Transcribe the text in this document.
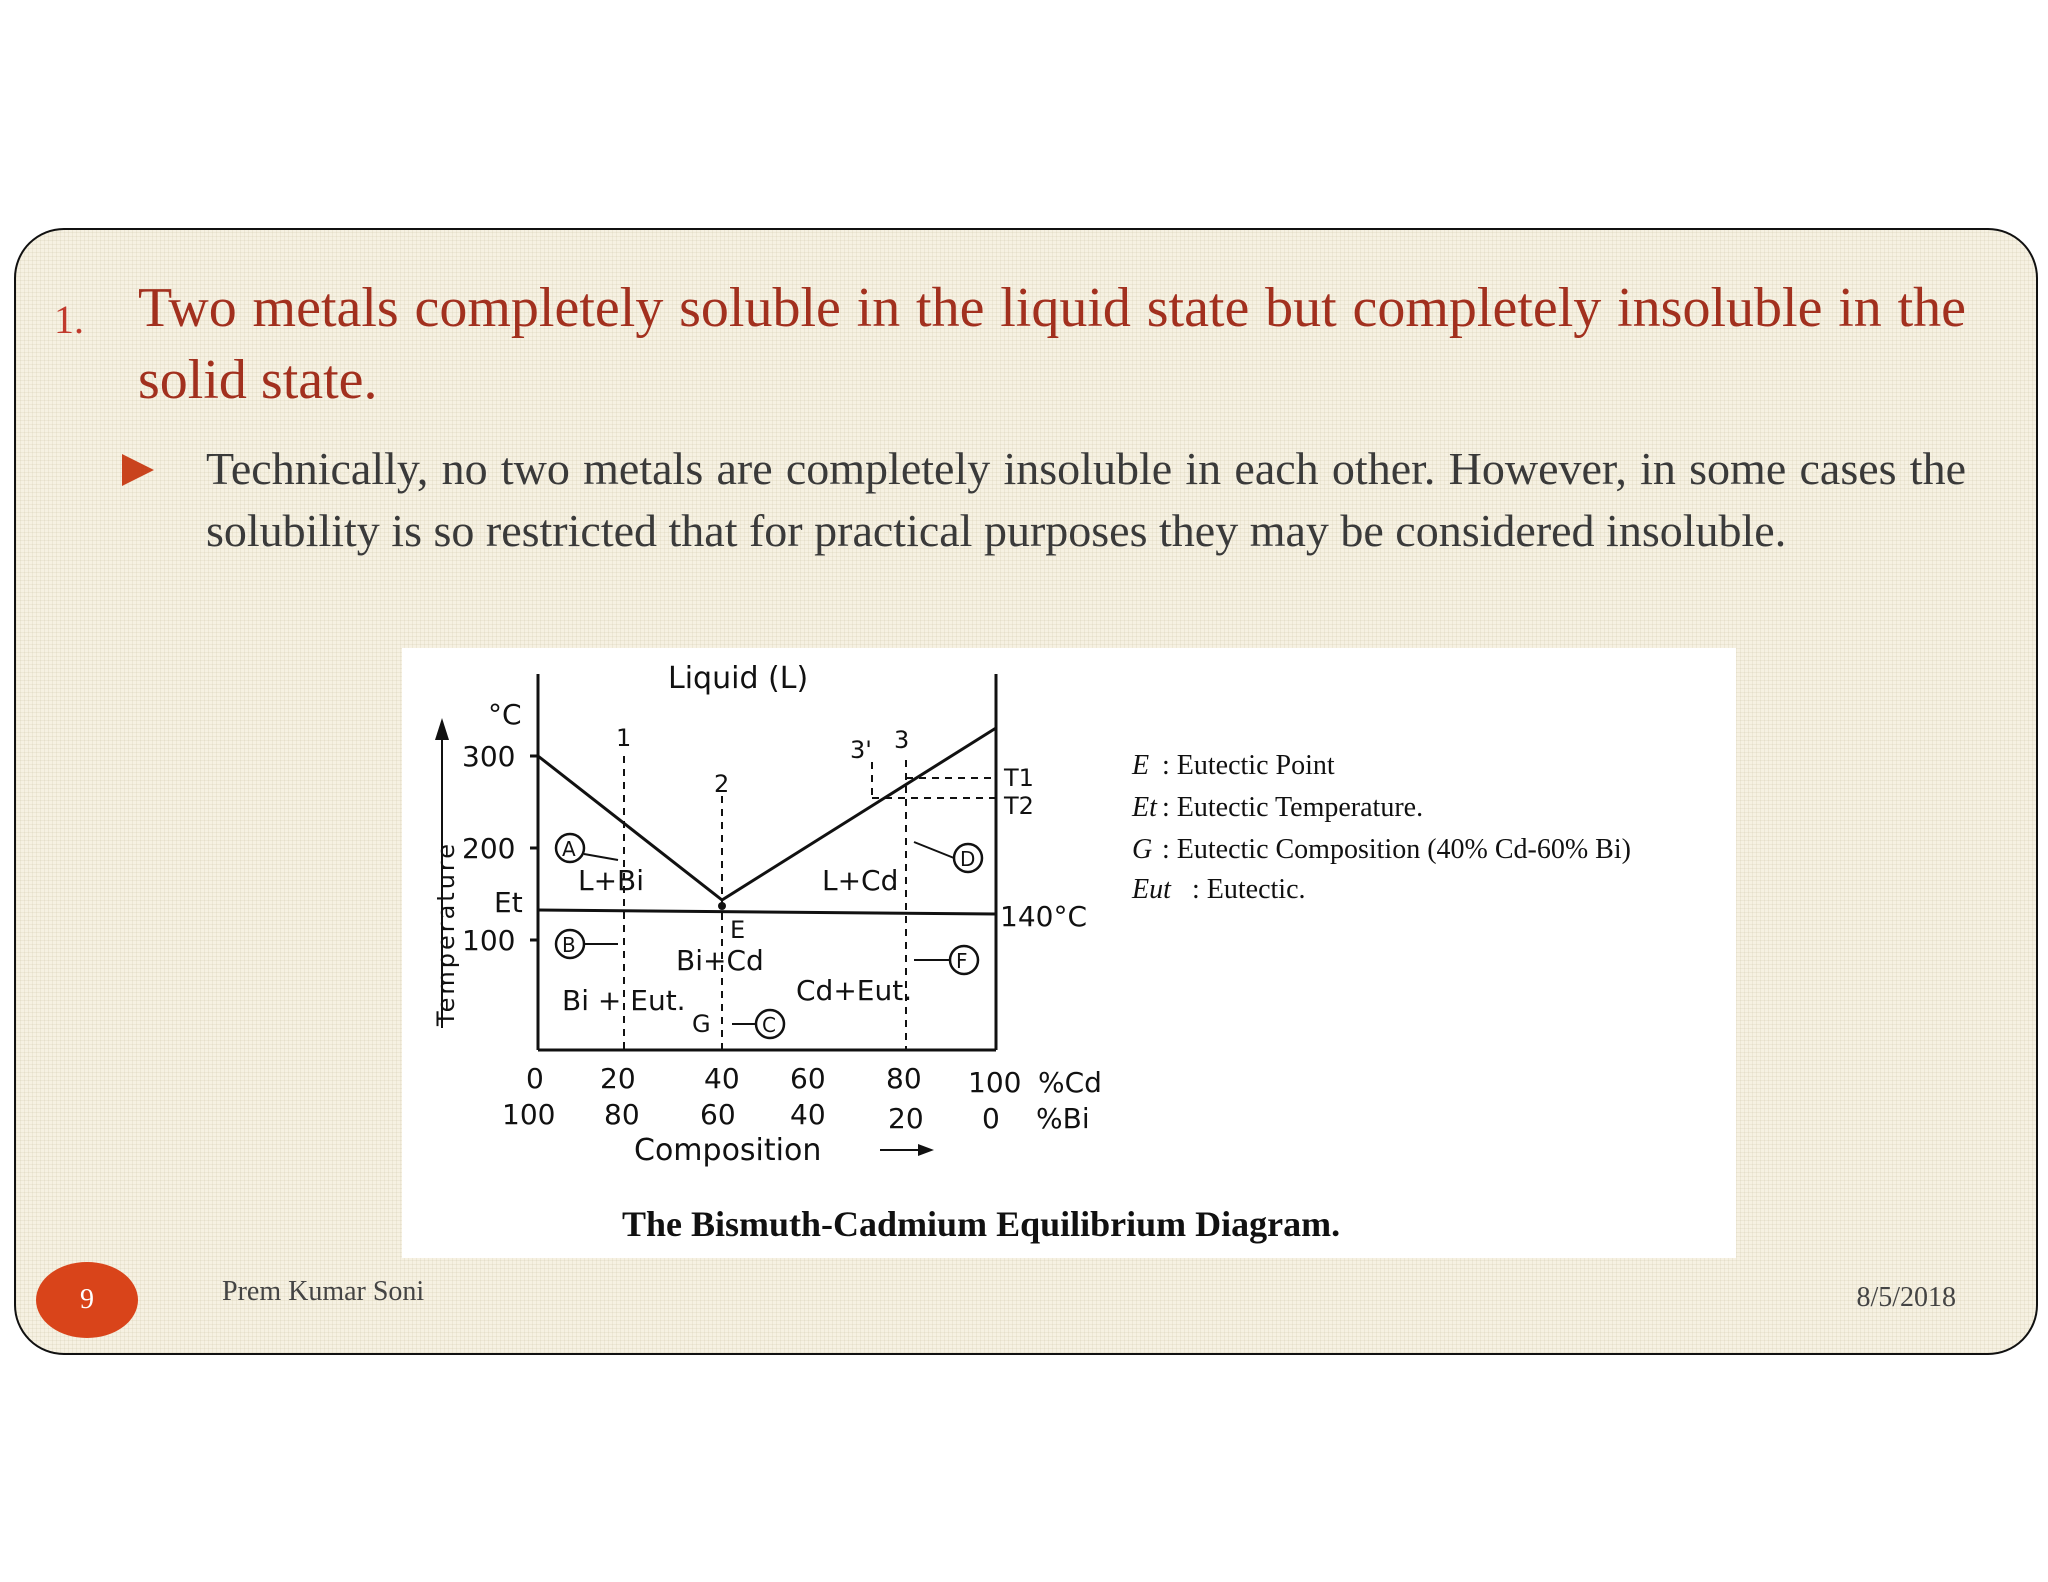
1. Two metals completely soluble in the liquid state but completely insoluble in the solid state.
Technically, no two metals are completely insoluble in each other. However, in some cases the solubility is so restricted that for practical purposes they may be considered insoluble.
°C
300
200
100
Et
Liquid (L)
L+Bi	L+Cd
Bi+Cd
Bi + Eut.	Cd+Eut.
1
2
3' 3
E
G
A
B
C
D
F
T1
T2
140°C
0 20 40 60 80 100 %Cd
100 80 60 40 20 0 %Bi
Composition
Temperature
E : Eutectic Point
Et : Eutectic Temperature.
G : Eutectic Composition (40% Cd-60% Bi)
Eut : Eutectic.
The Bismuth-Cadmium Equilibrium Diagram.
9	Prem Kumar Soni	8/5/2018
